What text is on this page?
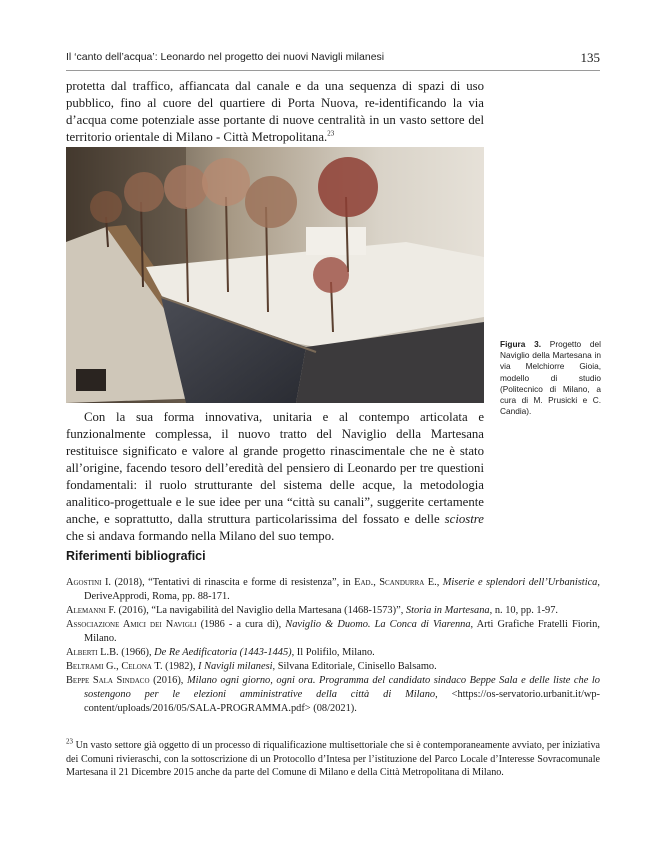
Il ‘canto dell’acqua’: Leonardo nel progetto dei nuovi Navigli milanesi	135

protetta dal traffico, affiancata dal canale e da una sequenza di spazi di uso pubblico, fino al cuore del quartiere di Porta Nuova, re-identificando la via d’acqua come potenziale asse portante di nuove centralità in un vasto settore del territorio orientale di Milano - Città Metropolitana.$^{23}$

Figura 3. Progetto del Naviglio della Martesana in via Melchiorre Gioia, modello di studio (Politecnico di Milano, a cura di M. Prusicki e C. Candia).

Con la sua forma innovativa, unitaria e al contempo articolata e funzionalmente complessa, il nuovo tratto del Naviglio della Martesana restituisce significato e valore al grande progetto rinascimentale che ne è stato all’origine, facendo tesoro dell’eredità del pensiero di Leonardo per tre questioni fondamentali: il ruolo strutturante del sistema delle acque, la metodologia analitico-progettuale e le sue idee per una “città su canali”, suggerite certamente anche, e soprattutto, dalla struttura particolarissima del fossato e delle sciostre che si andava formando nella Milano del suo tempo.

Riferimenti bibliografici

Agostini I. (2018), “Tentativi di rinascita e forme di resistenza”, in Ead., Scandurra E., Miserie e splendori dell’Urbanistica, DeriveApprodi, Roma, pp. 88-171.

Alemanni F. (2016), “La navigabilità del Naviglio della Martesana (1468-1573)”, Storia in Martesana, n. 10, pp. 1-97.

Associazione Amici dei Navigli (1986 - a cura di), Naviglio & Duomo. La Conca di Viarenna, Arti Grafiche Fratelli Fiorin, Milano.

Alberti L.B. (1966), De Re Aedificatoria (1443-1445), Il Polifilo, Milano.

Beltrami G., Celona T. (1982), I Navigli milanesi, Silvana Editoriale, Cinisello Balsamo.

Beppe Sala Sindaco (2016), Milano ogni giorno, ogni ora. Programma del candidato sindaco Beppe Sala e delle liste che lo sostengono per le elezioni amministrative della città di Milano, <https://os-servatorio.urbanit.it/wp-content/uploads/2016/05/SALA-PROGRAMMA.pdf> (08/2021).

$^{23}$ Un vasto settore già oggetto di un processo di riqualificazione multisettoriale che si è contemporaneamente avviato, per iniziativa dei Comuni rivieraschi, con la sottoscrizione di un Protocollo d’Intesa per l’istituzione del Parco Locale d’Interesse Sovracomunale Martesana il 21 Dicembre 2015 anche da parte del Comune di Milano e della Città Metropolitana di Milano.
